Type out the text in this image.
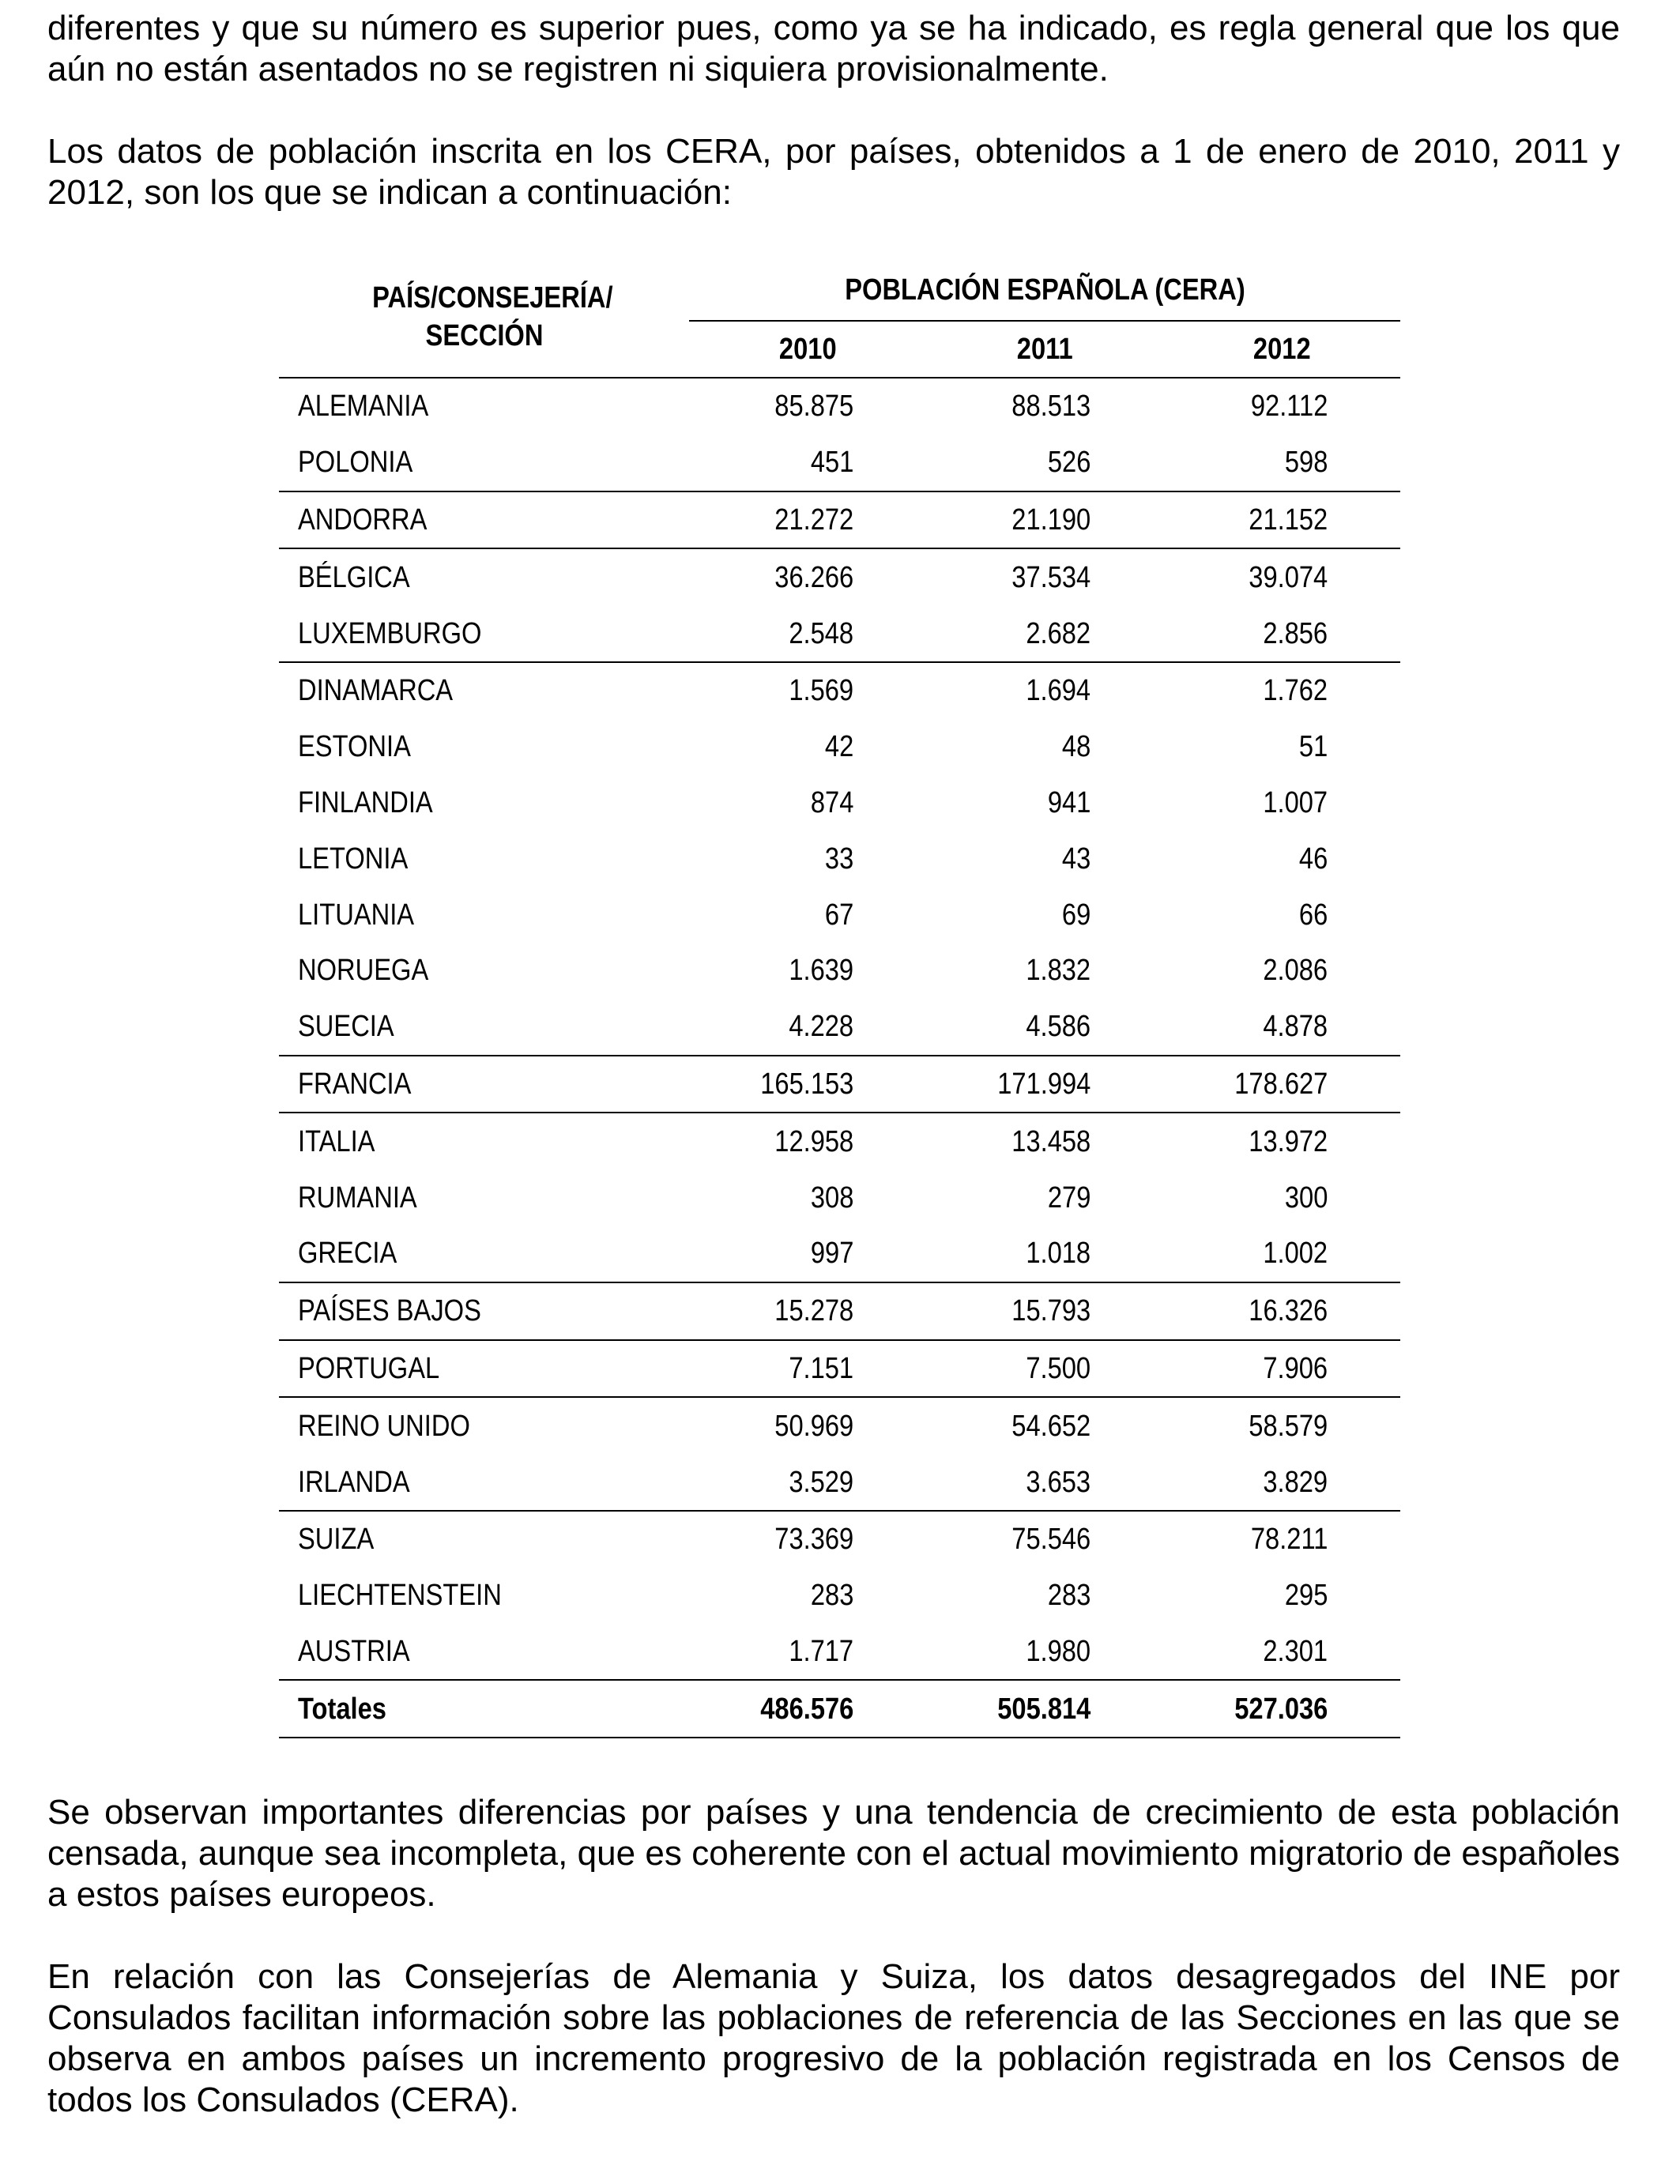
diferentes y que su número es superior pues, como ya se ha indicado, es regla general que los que aún no están asentados no se registren ni siquiera provisionalmente.

Los datos de población inscrita en los CERA, por países, obtenidos a 1 de enero de 2010, 2011 y 2012, son los que se indican a continuación:

PAÍS/CONSEJERÍA/ SECCIÓN	POBLACIÓN ESPAÑOLA (CERA)		
	2010	2011	2012
ALEMANIA	85.875	88.513	92.112
POLONIA	451	526	598
ANDORRA	21.272	21.190	21.152
BÉLGICA	36.266	37.534	39.074
LUXEMBURGO	2.548	2.682	2.856
DINAMARCA	1.569	1.694	1.762
ESTONIA	42	48	51
FINLANDIA	874	941	1.007
LETONIA	33	43	46
LITUANIA	67	69	66
NORUEGA	1.639	1.832	2.086
SUECIA	4.228	4.586	4.878
FRANCIA	165.153	171.994	178.627
ITALIA	12.958	13.458	13.972
RUMANIA	308	279	300
GRECIA	997	1.018	1.002
PAÍSES BAJOS	15.278	15.793	16.326
PORTUGAL	7.151	7.500	7.906
REINO UNIDO	50.969	54.652	58.579
IRLANDA	3.529	3.653	3.829
SUIZA	73.369	75.546	78.211
LIECHTENSTEIN	283	283	295
AUSTRIA	1.717	1.980	2.301
Totales	486.576	505.814	527.036

Se observan importantes diferencias por países y una tendencia de crecimiento de esta población censada, aunque sea incompleta, que es coherente con el actual movimiento migratorio de españoles a estos países europeos.

En relación con las Consejerías de Alemania y Suiza, los datos desagregados del INE por Consulados facilitan información sobre las poblaciones de referencia de las Secciones en las que se observa en ambos países un incremento progresivo de la población registrada en los Censos de todos los Consulados (CERA).
